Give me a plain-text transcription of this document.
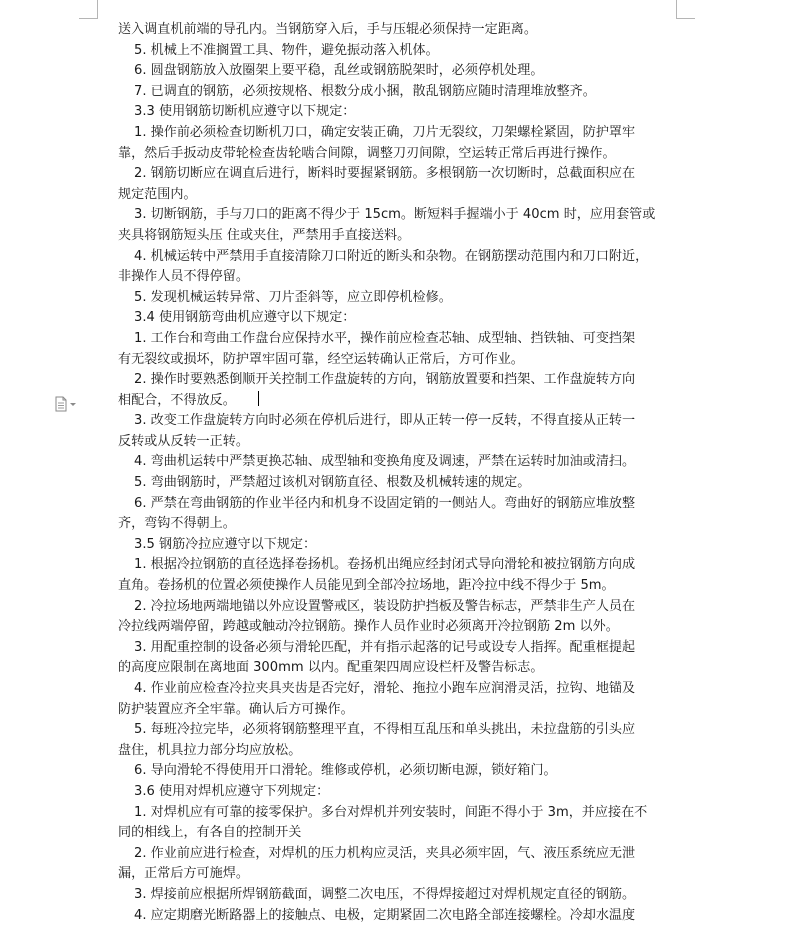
送入调直机前端的导孔内。当钢筋穿入后，手与压辊必须保持一定距离。
5. 机械上不准搁置工具、物件，避免振动落入机体。
6. 圆盘钢筋放入放圈架上要平稳，乱丝或钢筋脱架时，必须停机处理。
7. 已调直的钢筋，必须按规格、根数分成小捆，散乱钢筋应随时清理堆放整齐。
3.3 使用钢筋切断机应遵守以下规定：
1. 操作前必须检查切断机刀口，确定安装正确，刀片无裂纹，刀架螺栓紧固，防护罩牢
靠，然后手扳动皮带轮检查齿轮啮合间隙，调整刀刃间隙，空运转正常后再进行操作。
2. 钢筋切断应在调直后进行，断料时要握紧钢筋。多根钢筋一次切断时，总截面积应在
规定范围内。
3. 切断钢筋，手与刀口的距离不得少于 15cm。断短料手握端小于 40cm 时，应用套管或
夹具将钢筋短头压 住或夹住，严禁用手直接送料。
4. 机械运转中严禁用手直接清除刀口附近的断头和杂物。在钢筋摆动范围内和刀口附近，
非操作人员不得停留。
5. 发现机械运转异常、刀片歪斜等，应立即停机检修。
3.4 使用钢筋弯曲机应遵守以下规定：
1. 工作台和弯曲工作盘台应保持水平，操作前应检查芯轴、成型轴、挡铁轴、可变挡架
有无裂纹或损坏，防护罩牢固可靠，经空运转确认正常后，方可作业。
2. 操作时要熟悉倒顺开关控制工作盘旋转的方向，钢筋放置要和挡架、工作盘旋转方向
相配合，不得放反。
3. 改变工作盘旋转方向时必须在停机后进行，即从正转一停一反转，不得直接从正转一
反转或从反转一正转。
4. 弯曲机运转中严禁更换芯轴、成型轴和变换角度及调速，严禁在运转时加油或清扫。
5. 弯曲钢筋时，严禁超过该机对钢筋直径、根数及机械转速的规定。
6. 严禁在弯曲钢筋的作业半径内和机身不设固定销的一侧站人。弯曲好的钢筋应堆放整
齐，弯钩不得朝上。
3.5 钢筋冷拉应遵守以下规定：
1. 根据冷拉钢筋的直径选择卷扬机。卷扬机出绳应经封闭式导向滑轮和被拉钢筋方向成
直角。卷扬机的位置必须使操作人员能见到全部冷拉场地，距冷拉中线不得少于 5m。
2. 冷拉场地两端地锚以外应设置警戒区，装设防护挡板及警告标志，严禁非生产人员在
冷拉线两端停留，跨越或触动冷拉钢筋。操作人员作业时必须离开冷拉钢筋 2m 以外。
3. 用配重控制的设备必须与滑轮匹配，并有指示起落的记号或设专人指挥。配重框提起
的高度应限制在离地面 300mm 以内。配重架四周应设栏杆及警告标志。
4. 作业前应检查冷拉夹具夹齿是否完好，滑轮、拖拉小跑车应润滑灵活，拉钩、地锚及
防护装置应齐全牢靠。确认后方可操作。
5. 每班冷拉完毕，必须将钢筋整理平直，不得相互乱压和单头挑出，未拉盘筋的引头应
盘住，机具拉力部分均应放松。
6. 导向滑轮不得使用开口滑轮。维修或停机，必须切断电源，锁好箱门。
3.6 使用对焊机应遵守下列规定：
1. 对焊机应有可靠的接零保护。多台对焊机并列安装时，间距不得小于 3m，并应接在不
同的相线上，有各自的控制开关
2. 作业前应进行检查，对焊机的压力机构应灵活，夹具必须牢固，气、液压系统应无泄
漏，正常后方可施焊。
3. 焊接前应根据所焊钢筋截面，调整二次电压，不得焊接超过对焊机规定直径的钢筋。
4. 应定期磨光断路器上的接触点、电极，定期紧固二次电路全部连接螺栓。冷却水温度
